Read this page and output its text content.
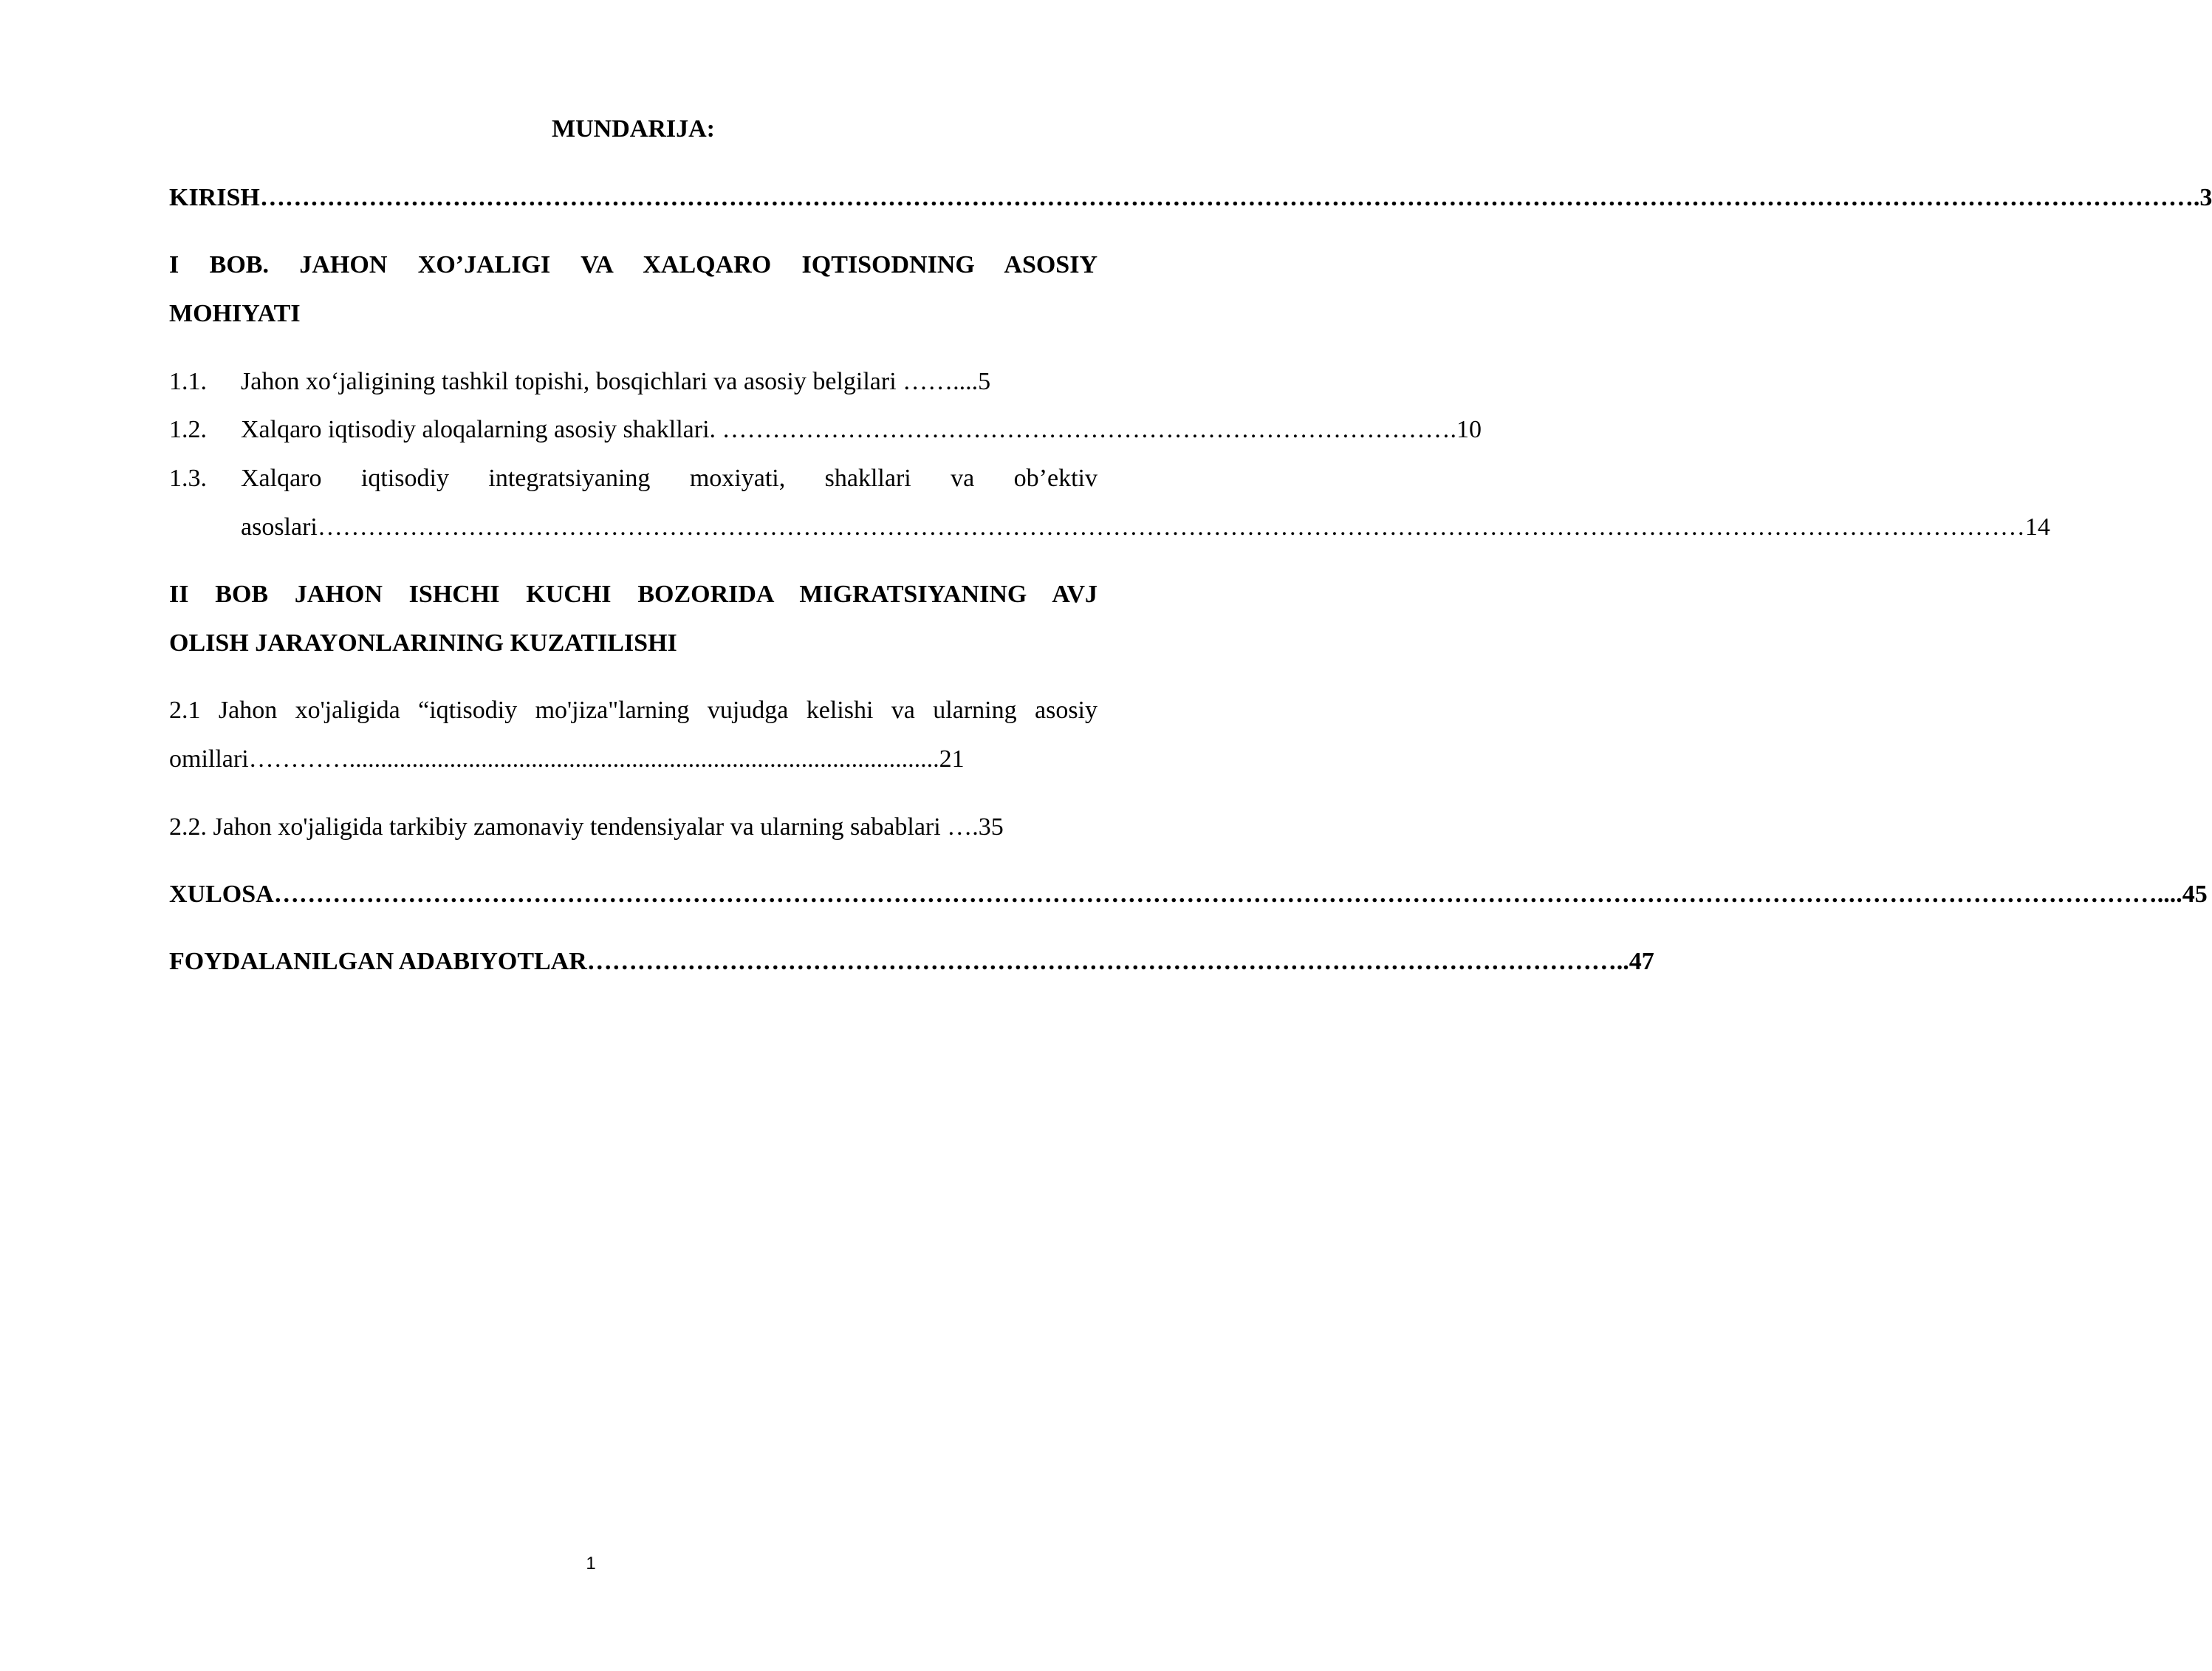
MUNDARIJA:
KIRISH…………………………………………………………………………………………………………………………………………………………………………………………………………….3
I BOB. JAHON XO’JALIGI VA XALQARO IQTISODNING ASOSIY
MOHIYATI
1.1. Jahon xo‘jaligining tashkil topishi, bosqichlari va asosiy belgilari ……....5
1.2. Xalqaro iqtisodiy aloqalarning asosiy shakllari. …………………………………………………………………………….10
1.3. Xalqaro iqtisodiy integratsiyaning moxiyati, shakllari va ob’ektiv
asoslari……………………………………………………………………………………………………………………………………………………………………………………14
II BOB JAHON ISHCHI KUCHI BOZORIDA MIGRATSIYANING AVJ
OLISH JARAYONLARINING KUZATILISHI
2.1 Jahon xo'jaligida “iqtisodiy mo'jiza"larning vujudga kelishi va ularning asosiy
omillari…………..............................................................................................21
2.2. Jahon xo'jaligida tarkibiy zamonaviy tendensiyalar va ularning sabablari ….35
XULOSA………………………………………………………………………………………………………………………………………………………………………………………………………....45
FOYDALANILGAN ADABIYOTLAR……………………………………………………………………………………………………………..47
1
